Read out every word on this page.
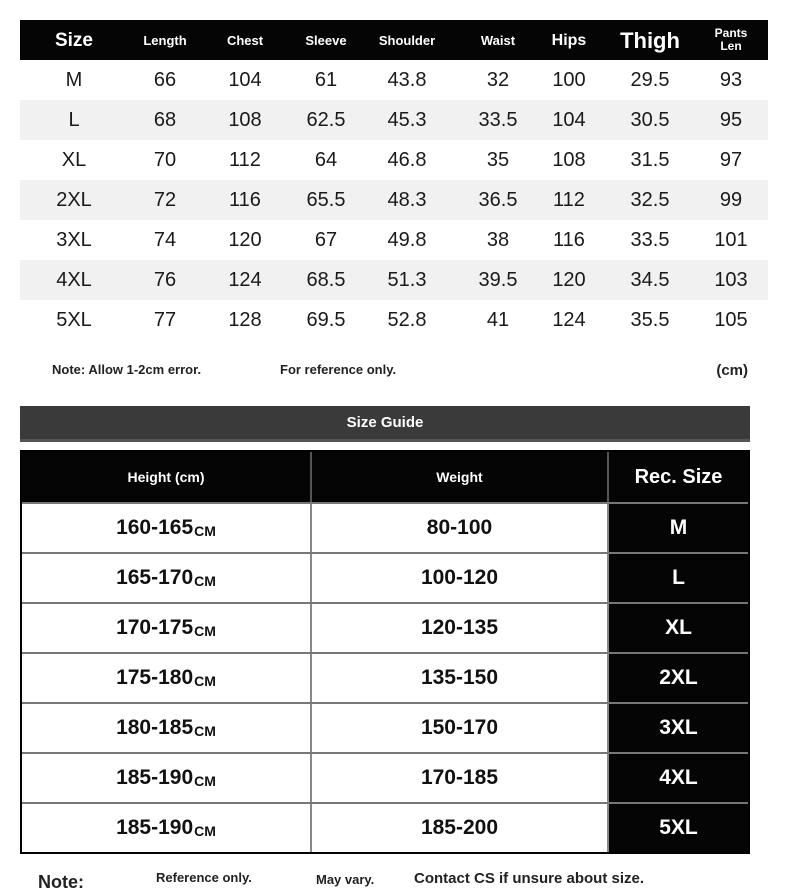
Size	Length	Chest	Sleeve	Shoulder	Waist	Hips	Thigh	Pants
Len
M	66	104	61	43.8	32	100	29.5	93
L	68	108	62.5	45.3	33.5	104	30.5	95
XL	70	112	64	46.8	35	108	31.5	97
2XL	72	116	65.5	48.3	36.5	112	32.5	99
3XL	74	120	67	49.8	38	116	33.5	101
4XL	76	124	68.5	51.3	39.5	120	34.5	103
5XL	77	128	69.5	52.8	41	124	35.5	105
Note: Allow 1-2cm error.	For reference only.	(cm)
Size Guide
Height (cm)	Weight	Rec. Size
160-165 CM	80-100	M
165-170 CM	100-120	L
170-175 CM	120-135	XL
175-180 CM	135-150	2XL
180-185 CM	150-170	3XL
185-190 CM	170-185	4XL
185-190 CM	185-200	5XL
Note:	Reference only.	May vary.	Contact CS if unsure about size.
